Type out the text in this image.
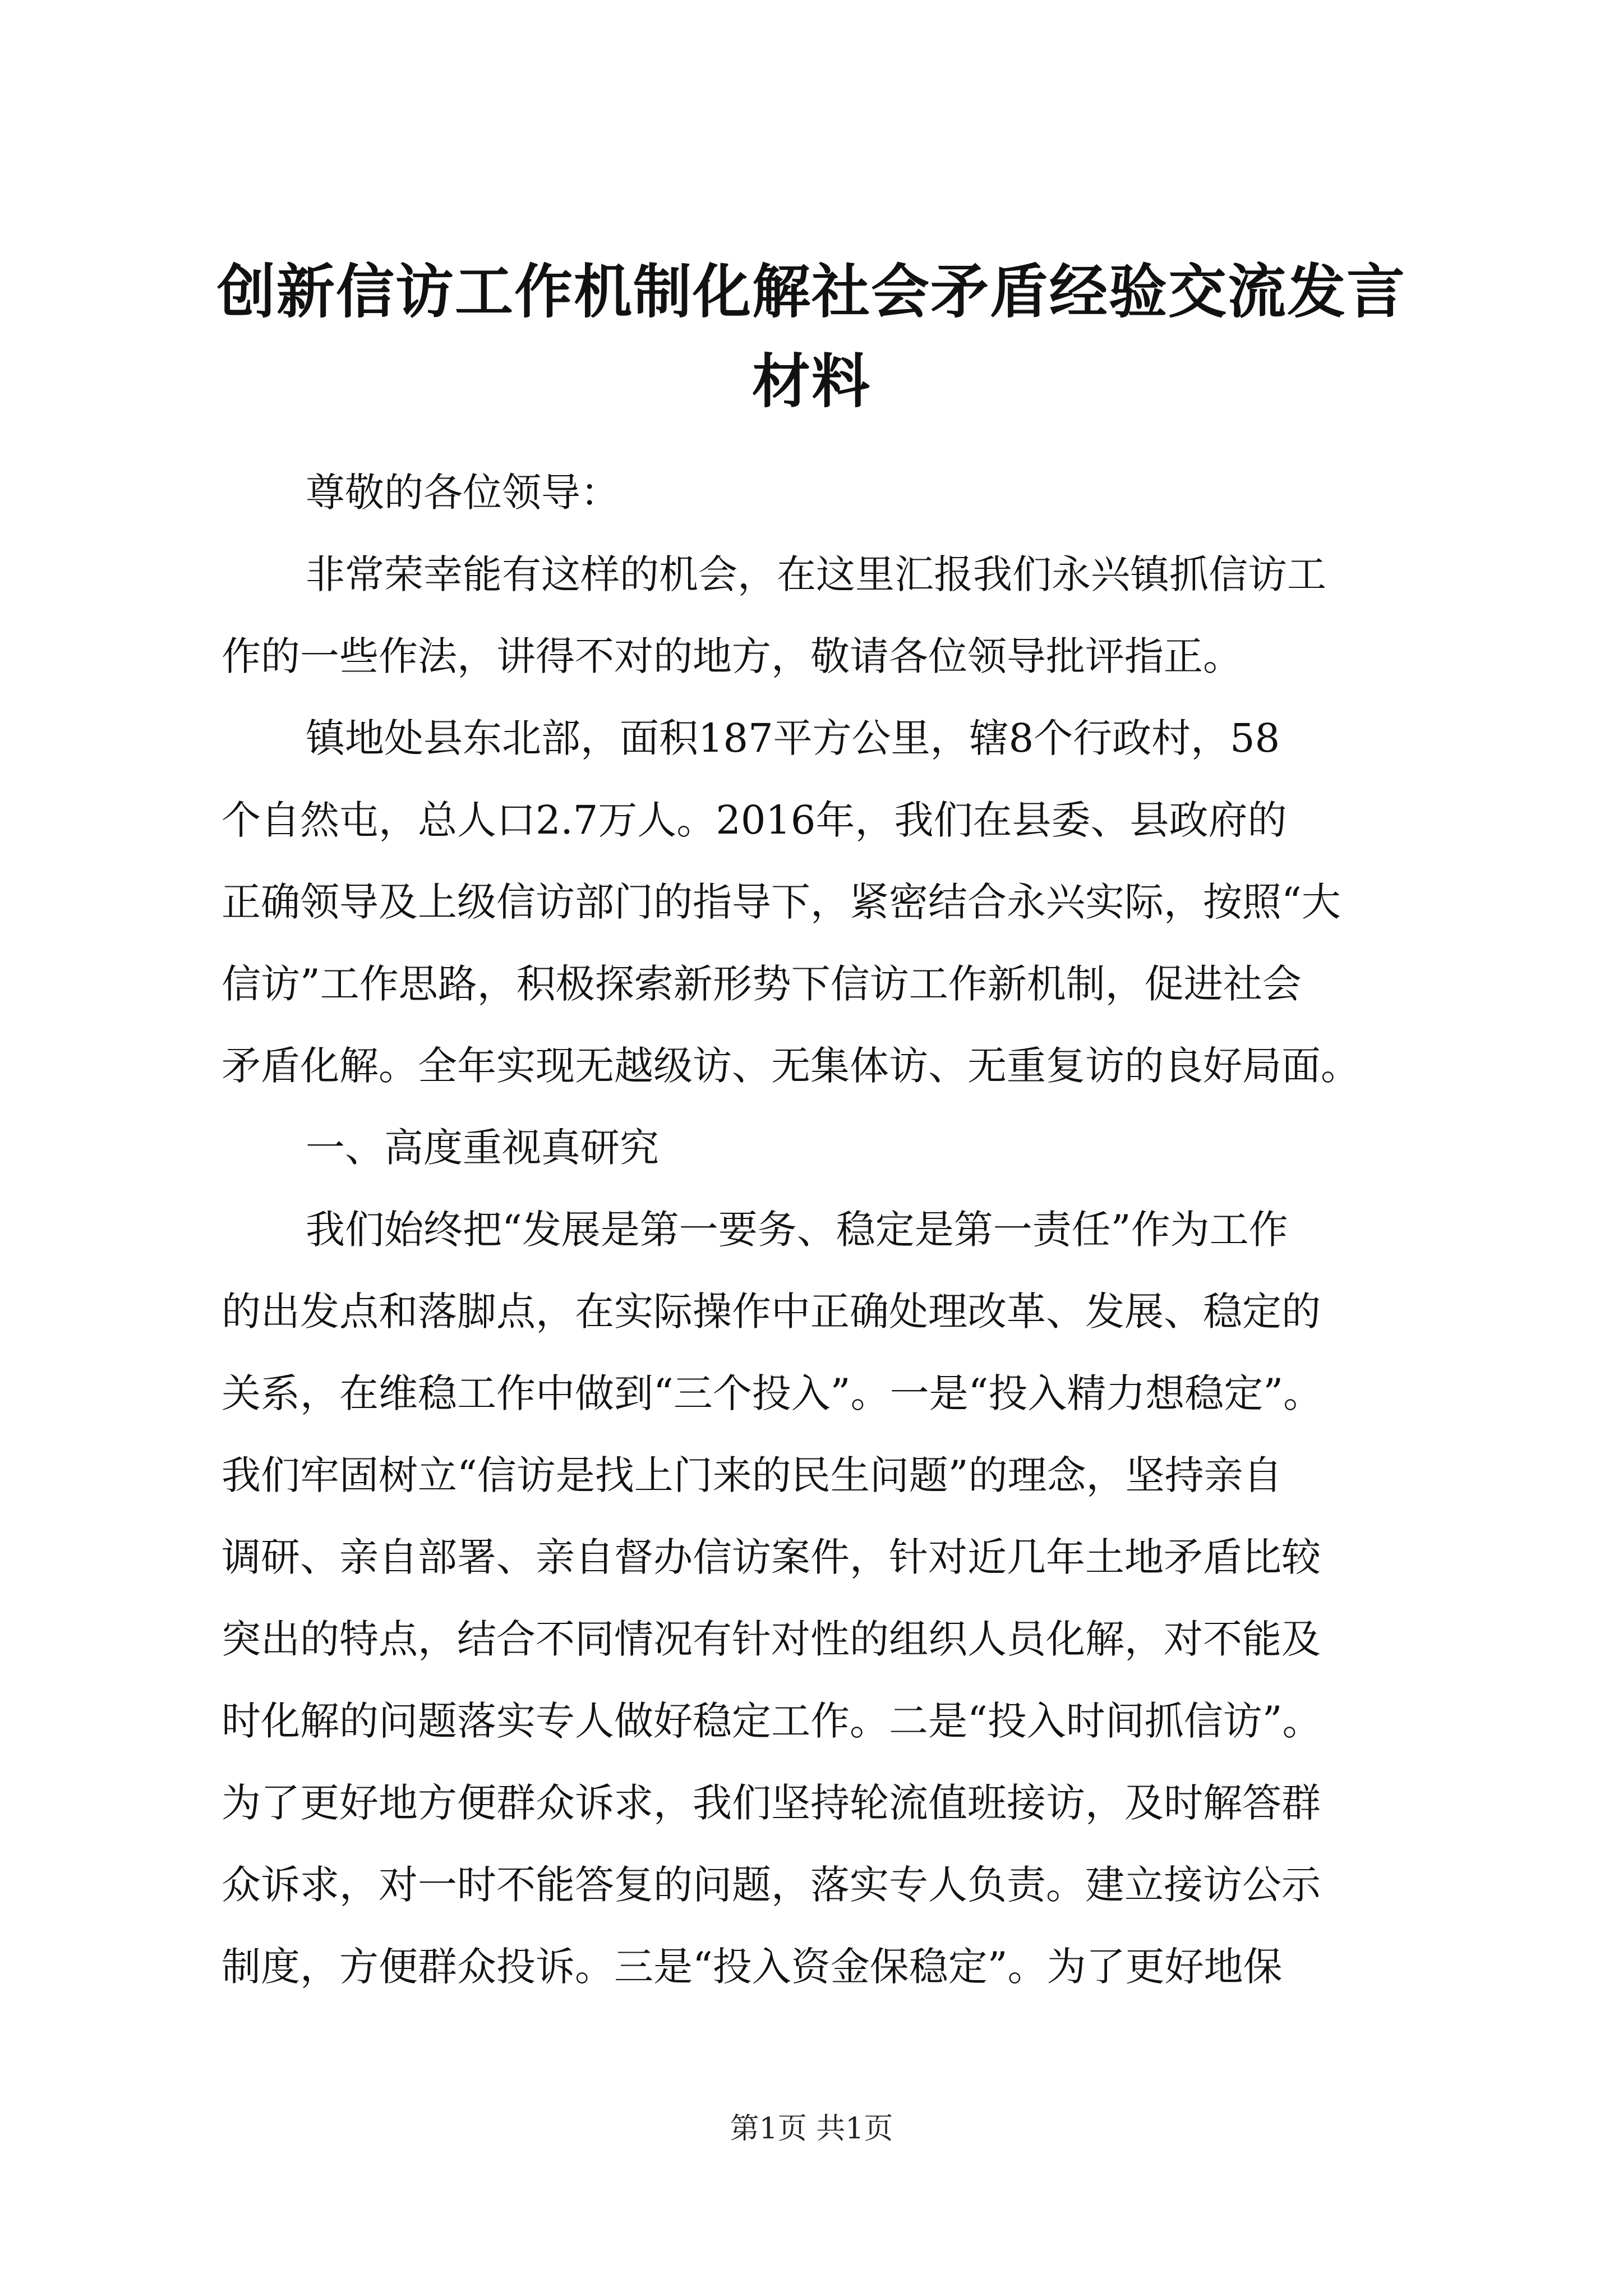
创新信访工作机制化解社会矛盾经验交流发言
材料
尊敬的各位领导：
非常荣幸能有这样的机会，在这里汇报我们永兴镇抓信访工
作的一些作法，讲得不对的地方，敬请各位领导批评指正。
镇地处县东北部，面积187平方公里，辖8个行政村，58
个自然屯，总人口2.7万人。2016年，我们在县委、县政府的
正确领导及上级信访部门的指导下，紧密结合永兴实际，按照“大
信访”工作思路，积极探索新形势下信访工作新机制，促进社会
矛盾化解。全年实现无越级访、无集体访、无重复访的良好局面。
一、高度重视真研究
我们始终把“发展是第一要务、稳定是第一责任”作为工作
的出发点和落脚点，在实际操作中正确处理改革、发展、稳定的
关系，在维稳工作中做到“三个投入”。一是“投入精力想稳定”。
我们牢固树立“信访是找上门来的民生问题”的理念，坚持亲自
调研、亲自部署、亲自督办信访案件，针对近几年土地矛盾比较
突出的特点，结合不同情况有针对性的组织人员化解，对不能及
时化解的问题落实专人做好稳定工作。二是“投入时间抓信访”。
为了更好地方便群众诉求，我们坚持轮流值班接访，及时解答群
众诉求，对一时不能答复的问题，落实专人负责。建立接访公示
制度，方便群众投诉。三是“投入资金保稳定”。为了更好地保
第1页 共1页
